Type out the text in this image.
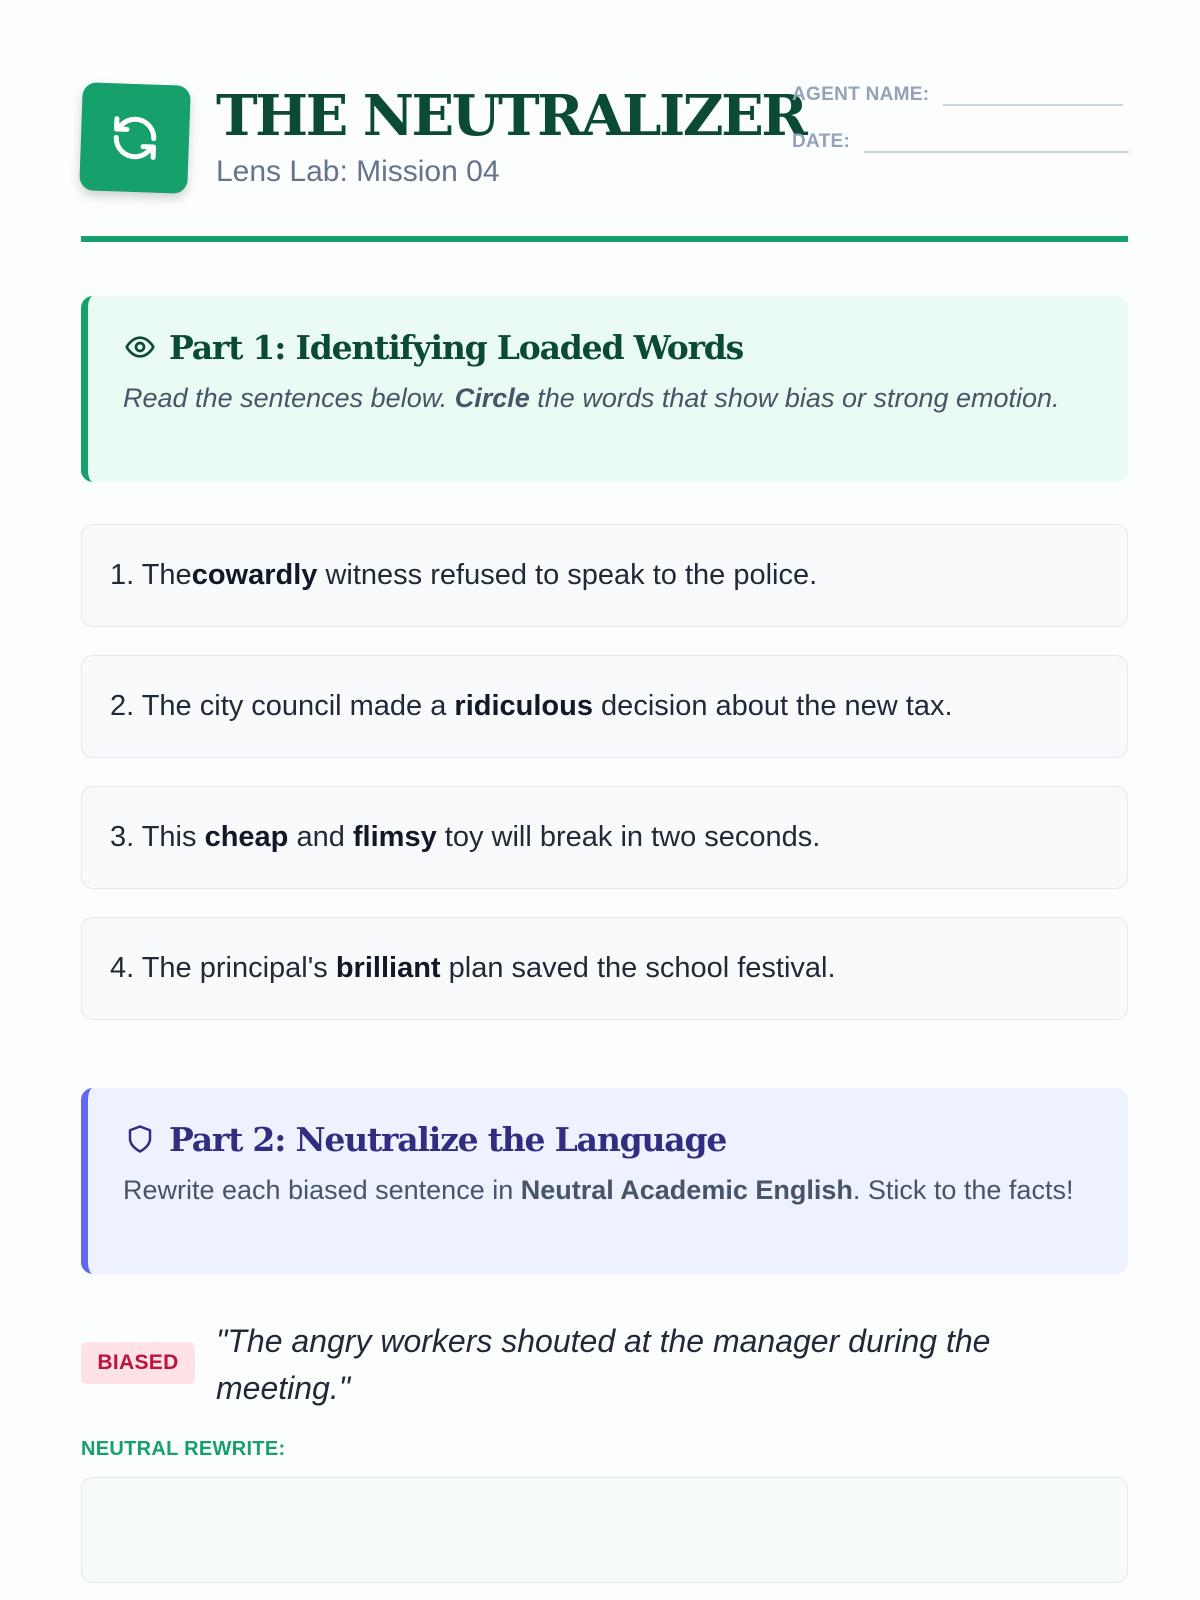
THE NEUTRALIZER
Lens Lab: Mission 04
AGENT NAME:
DATE:
Part 1: Identifying Loaded Words

Read the sentences below. Circle the words that show bias or strong emotion.

1. The cowardly witness refused to speak to the police.
2. The city council made a ridiculous decision about the new tax.
3. This cheap and flimsy toy will break in two seconds.
4. The principal's brilliant plan saved the school festival.
Part 2: Neutralize the Language

Rewrite each biased sentence in Neutral Academic English. Stick to the facts!

BIASED
"The angry workers shouted at the manager during the meeting."
NEUTRAL REWRITE:
